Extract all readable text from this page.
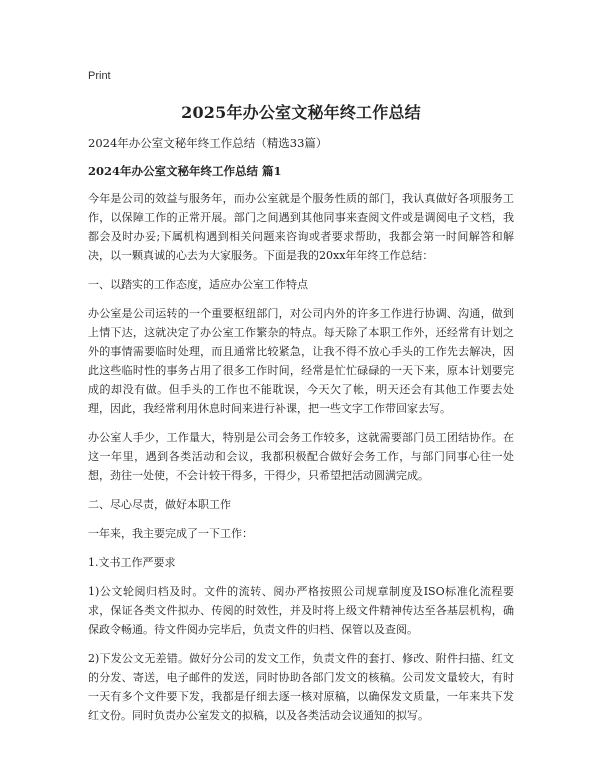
Print
2025年办公室文秘年终工作总结
2024年办公室文秘年终工作总结（精选33篇）
2024年办公室文秘年终工作总结 篇1

今年是公司的效益与服务年，而办公室就是个服务性质的部门，我认真做好各项服务工作，以保障工作的正常开展。部门之间遇到其他同事来查阅文件或是调阅电子文档，我都会及时办妥;下属机构遇到相关问题来咨询或者要求帮助，我都会第一时间解答和解决，以一颗真诚的心去为大家服务。下面是我的20xx年年终工作总结：

一、以踏实的工作态度，适应办公室工作特点

办公室是公司运转的一个重要枢纽部门，对公司内外的许多工作进行协调、沟通，做到上情下达，这就决定了办公室工作繁杂的特点。每天除了本职工作外，还经常有计划之外的事情需要临时处理，而且通常比较紧急，让我不得不放心手头的工作先去解决，因此这些临时性的事务占用了很多工作时间，经常是忙忙碌碌的一天下来，原本计划要完成的却没有做。但手头的工作也不能耽误，今天欠了帐，明天还会有其他工作要去处理，因此，我经常利用休息时间来进行补课，把一些文字工作带回家去写。

办公室人手少，工作量大，特别是公司会务工作较多，这就需要部门员工团结协作。在这一年里，遇到各类活动和会议，我都积极配合做好会务工作，与部门同事心往一处想，劲往一处使，不会计较干得多，干得少，只希望把活动圆满完成。

二、尽心尽责，做好本职工作

一年来，我主要完成了一下工作：

1.文书工作严要求

1)公文轮阅归档及时。文件的流转、阅办严格按照公司规章制度及ISO标准化流程要求，保证各类文件拟办、传阅的时效性，并及时将上级文件精神传达至各基层机构，确保政令畅通。待文件阅办完毕后，负责文件的归档、保管以及查阅。

2)下发公文无差错。做好分公司的发文工作，负责文件的套打、修改、附件扫描、红文的分发、寄送，电子邮件的发送，同时协助各部门发文的核稿。公司发文量较大，有时一天有多个文件要下发，我都是仔细去逐一核对原稿，以确保发文质量，一年来共下发红文份。同时负责办公室发文的拟稿，以及各类活动会议通知的拟写。
